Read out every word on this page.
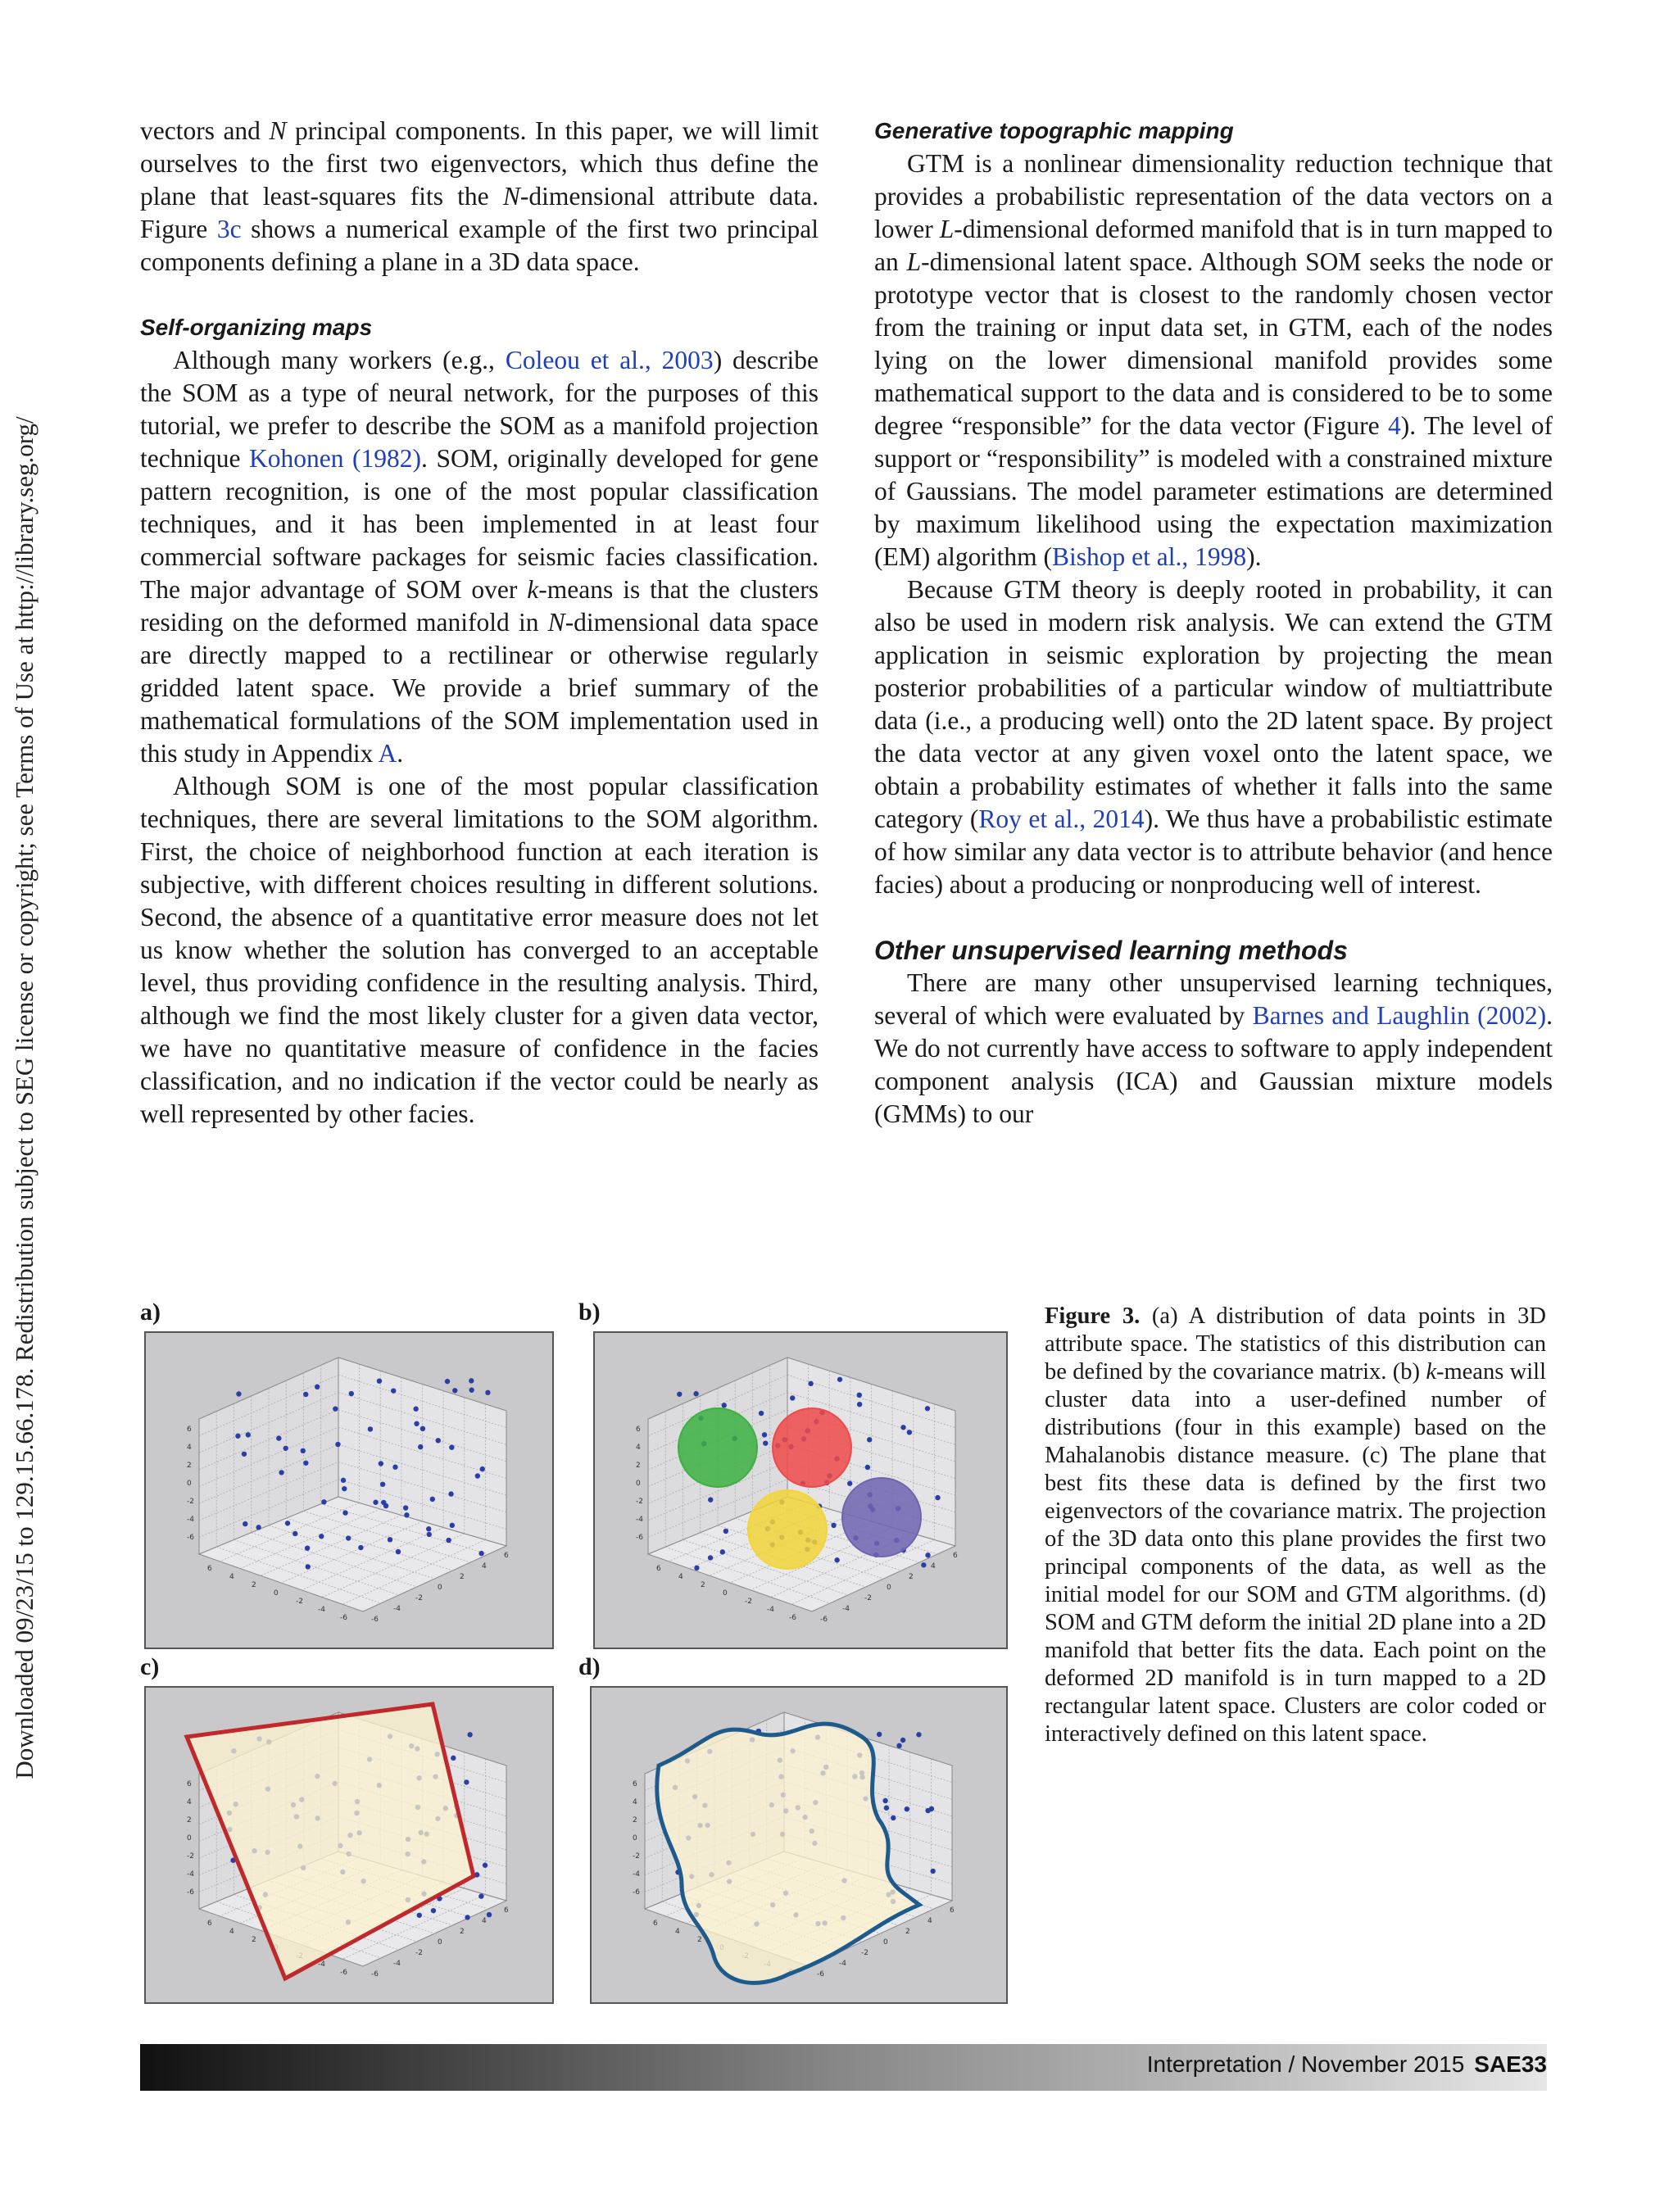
Downloaded 09/23/15 to 129.15.66.178. Redistribution subject to SEG license or copyright; see Terms of Use at http://library.seg.org/

vectors and N principal components. In this paper, we will limit ourselves to the first two eigenvectors, which thus define the plane that least-squares fits the N-dimensional attribute data. Figure 3c shows a numerical example of the first two principal components defining a plane in a 3D data space.

Self-organizing maps

Although many workers (e.g., Coleou et al., 2003) describe the SOM as a type of neural network, for the purposes of this tutorial, we prefer to describe the SOM as a manifold projection technique Kohonen (1982). SOM, originally developed for gene pattern recognition, is one of the most popular classification techniques, and it has been implemented in at least four commercial software packages for seismic facies classification. The major advantage of SOM over k-means is that the clusters residing on the deformed manifold in N-dimensional data space are directly mapped to a rectilinear or otherwise regularly gridded latent space. We provide a brief summary of the mathematical formulations of the SOM implementation used in this study in Appendix A.

Although SOM is one of the most popular classification techniques, there are several limitations to the SOM algorithm. First, the choice of neighborhood function at each iteration is subjective, with different choices resulting in different solutions. Second, the absence of a quantitative error measure does not let us know whether the solution has converged to an acceptable level, thus providing confidence in the resulting analysis. Third, although we find the most likely cluster for a given data vector, we have no quantitative measure of confidence in the facies classification, and no indication if the vector could be nearly as well represented by other facies.

Generative topographic mapping

GTM is a nonlinear dimensionality reduction technique that provides a probabilistic representation of the data vectors on a lower L-dimensional deformed manifold that is in turn mapped to an L-dimensional latent space. Although SOM seeks the node or prototype vector that is closest to the randomly chosen vector from the training or input data set, in GTM, each of the nodes lying on the lower dimensional manifold provides some mathematical support to the data and is considered to be to some degree “responsible” for the data vector (Figure 4). The level of support or “responsibility” is modeled with a constrained mixture of Gaussians. The model parameter estimations are determined by maximum likelihood using the expectation maximization (EM) algorithm (Bishop et al., 1998).

Because GTM theory is deeply rooted in probability, it can also be used in modern risk analysis. We can extend the GTM application in seismic exploration by projecting the mean posterior probabilities of a particular window of multiattribute data (i.e., a producing well) onto the 2D latent space. By project the data vector at any given voxel onto the latent space, we obtain a probability estimates of whether it falls into the same category (Roy et al., 2014). We thus have a probabilistic estimate of how similar any data vector is to attribute behavior (and hence facies) about a producing or nonproducing well of interest.

Other unsupervised learning methods

There are many other unsupervised learning techniques, several of which were evaluated by Barnes and Laughlin (2002). We do not currently have access to software to apply independent component analysis (ICA) and Gaussian mixture models (GMMs) to our

a)	b)
c)	d)
6
4
2
0
-2
-4
-6
6
4
2
0
-2
-4
-6	-6
-4
-2
0
2
4
6
6
4
2
0
-2
-4
-6
6
4
2
0
-2
-4
-6	-6
-4
-2
0
2
4
6
6
4
2
0
-2
-4
-6
6
4
2
-4
-6	-6
-4
-2
0
2
4
6
6
4
2
0
-2
-4
-6
6
4
2
-6
-4
-2
0
2
4
6
Figure 3. (a) A distribution of data points in 3D attribute space. The statistics of this distribution can be defined by the covariance matrix. (b) k-means will cluster data into a user-defined number of distributions (four in this example) based on the Mahalanobis distance measure. (c) The plane that best fits these data is defined by the first two eigenvectors of the covariance matrix. The projection of the 3D data onto this plane provides the first two principal components of the data, as well as the initial model for our SOM and GTM algorithms. (d) SOM and GTM deform the initial 2D plane into a 2D manifold that better fits the data. Each point on the deformed 2D manifold is in turn mapped to a 2D rectangular latent space. Clusters are color coded or interactively defined on this latent space.
Interpretation / November 2015 SAE33
